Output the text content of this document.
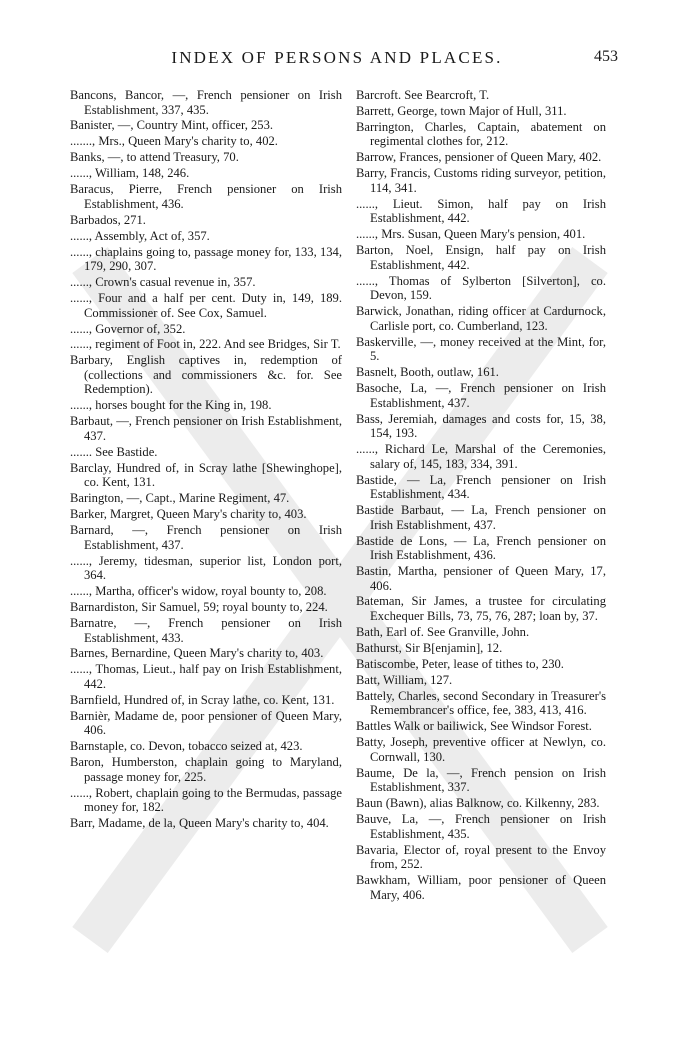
INDEX OF PERSONS AND PLACES.	453

Bancons, Bancor, —, French pensioner on Irish Establishment, 337, 435.

Banister, —, Country Mint, officer, 253.

......., Mrs., Queen Mary's charity to, 402.

Banks, —, to attend Treasury, 70.

......, William, 148, 246.

Baracus, Pierre, French pensioner on Irish Establishment, 436.

Barbados, 271.

......, Assembly, Act of, 357.

......, chaplains going to, passage money for, 133, 134, 179, 290, 307.

......, Crown's casual revenue in, 357.

......, Four and a half per cent. Duty in, 149, 189. Commissioner of. See Cox, Samuel.

......, Governor of, 352.

......, regiment of Foot in, 222. And see Bridges, Sir T.

Barbary, English captives in, redemption of (collections and commissioners &c. for. See Redemption).

......, horses bought for the King in, 198.

Barbaut, —, French pensioner on Irish Establishment, 437.

....... See Bastide.

Barclay, Hundred of, in Scray lathe [Shewinghope], co. Kent, 131.

Barington, —, Capt., Marine Regiment, 47.

Barker, Margret, Queen Mary's charity to, 403.

Barnard, —, French pensioner on Irish Establishment, 437.

......, Jeremy, tidesman, superior list, London port, 364.

......, Martha, officer's widow, royal bounty to, 208.

Barnardiston, Sir Samuel, 59; royal bounty to, 224.

Barnatre, —, French pensioner on Irish Establishment, 433.

Barnes, Bernardine, Queen Mary's charity to, 403.

......, Thomas, Lieut., half pay on Irish Establishment, 442.

Barnfield, Hundred of, in Scray lathe, co. Kent, 131.

Barnièr, Madame de, poor pensioner of Queen Mary, 406.

Barnstaple, co. Devon, tobacco seized at, 423.

Baron, Humberston, chaplain going to Maryland, passage money for, 225.

......, Robert, chaplain going to the Bermudas, passage money for, 182.

Barr, Madame, de la, Queen Mary's charity to, 404.

Barcroft. See Bearcroft, T.

Barrett, George, town Major of Hull, 311.

Barrington, Charles, Captain, abatement on regimental clothes for, 212.

Barrow, Frances, pensioner of Queen Mary, 402.

Barry, Francis, Customs riding surveyor, petition, 114, 341.

......, Lieut. Simon, half pay on Irish Establishment, 442.

......, Mrs. Susan, Queen Mary's pension, 401.

Barton, Noel, Ensign, half pay on Irish Establishment, 442.

......, Thomas of Sylberton [Silverton], co. Devon, 159.

Barwick, Jonathan, riding officer at Cardurnock, Carlisle port, co. Cumberland, 123.

Baskerville, —, money received at the Mint, for, 5.

Basnelt, Booth, outlaw, 161.

Basoche, La, —, French pensioner on Irish Establishment, 437.

Bass, Jeremiah, damages and costs for, 15, 38, 154, 193.

......, Richard Le, Marshal of the Ceremonies, salary of, 145, 183, 334, 391.

Bastide, — La, French pensioner on Irish Establishment, 434.

Bastide Barbaut, — La, French pensioner on Irish Establishment, 437.

Bastide de Lons, — La, French pensioner on Irish Establishment, 436.

Bastin, Martha, pensioner of Queen Mary, 17, 406.

Bateman, Sir James, a trustee for circulating Exchequer Bills, 73, 75, 76, 287; loan by, 37.

Bath, Earl of. See Granville, John.

Bathurst, Sir B[enjamin], 12.

Batiscombe, Peter, lease of tithes to, 230.

Batt, William, 127.

Battely, Charles, second Secondary in Treasurer's Remembrancer's office, fee, 383, 413, 416.

Battles Walk or bailiwick, See Windsor Forest.

Batty, Joseph, preventive officer at Newlyn, co. Cornwall, 130.

Baume, De la, —, French pension on Irish Establishment, 337.

Baun (Bawn), alias Balknow, co. Kilkenny, 283.

Bauve, La, —, French pensioner on Irish Establishment, 435.

Bavaria, Elector of, royal present to the Envoy from, 252.

Bawkham, William, poor pensioner of Queen Mary, 406.
